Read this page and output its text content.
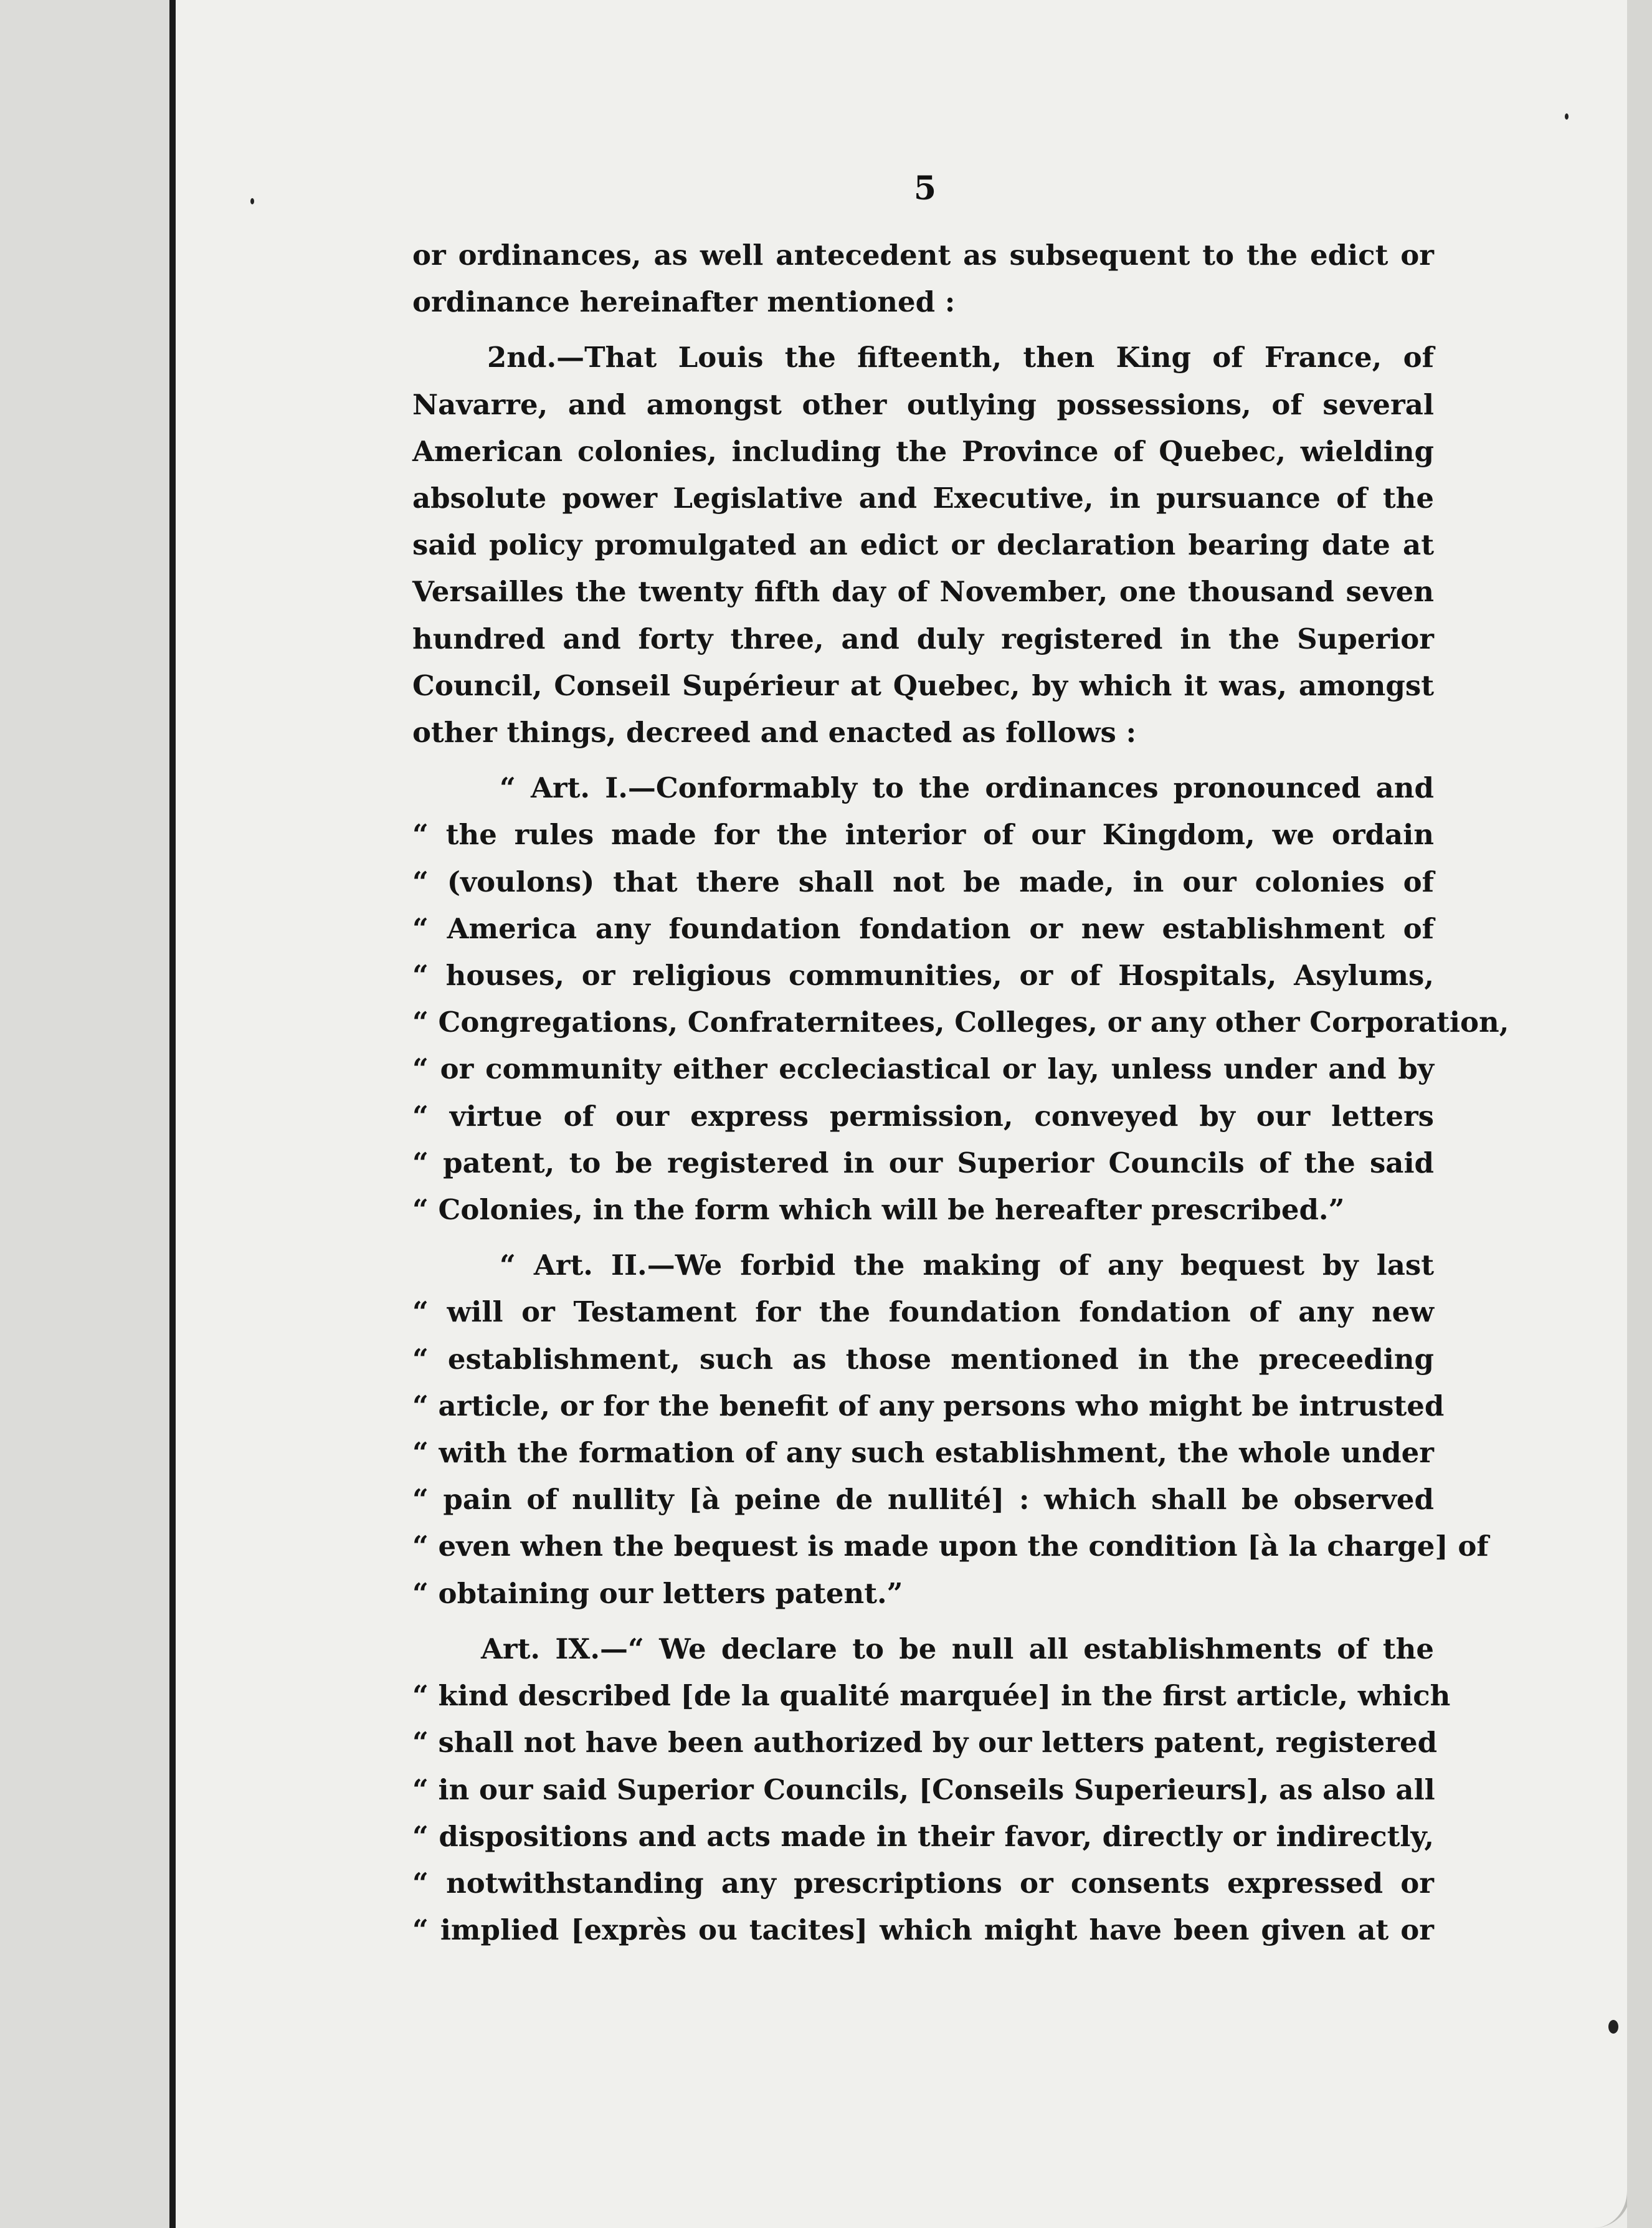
5
or ordinances, as well antecedent as subsequent to the edict or
ordinance hereinafter mentioned :
2nd.—That Louis the fifteenth, then King of France, of
Navarre, and amongst other outlying possessions, of several
American colonies, including the Province of Quebec, wielding
absolute power Legislative and Executive, in pursuance of the
said policy promulgated an edict or declaration bearing date at
Versailles the twenty fifth day of November, one thousand seven
hundred and forty three, and duly registered in the Superior
Council, Conseil Supérieur at Quebec, by which it was, amongst
other things, decreed and enacted as follows :
“ Art. I.—Conformably to the ordinances pronounced and
“ the rules made for the interior of our Kingdom, we ordain
“ (voulons) that there shall not be made, in our colonies of
“ America any foundation fondation or new establishment of
“ houses, or religious communities, or of Hospitals, Asylums,
“ Congregations, Confraternitees, Colleges, or any other Corporation,
“ or community either eccleciastical or lay, unless under and by
“ virtue of our express permission, conveyed by our letters
“ patent, to be registered in our Superior Councils of the said
“ Colonies, in the form which will be hereafter prescribed.”
“ Art. II.—We forbid the making of any bequest by last
“ will or Testament for the foundation fondation of any new
“ establishment, such as those mentioned in the preceeding
“ article, or for the benefit of any persons who might be intrusted
“ with the formation of any such establishment, the whole under
“ pain of nullity [à peine de nullité] : which shall be observed
“ even when the bequest is made upon the condition [à la charge] of
“ obtaining our letters patent.”
Art. IX.—“ We declare to be null all establishments of the
“ kind described [de la qualité marquée] in the first article, which
“ shall not have been authorized by our letters patent, registered
“ in our said Superior Councils, [Conseils Superieurs], as also all
“ dispositions and acts made in their favor, directly or indirectly,
“ notwithstanding any prescriptions or consents expressed or
“ implied [exprès ou tacites] which might have been given at or
